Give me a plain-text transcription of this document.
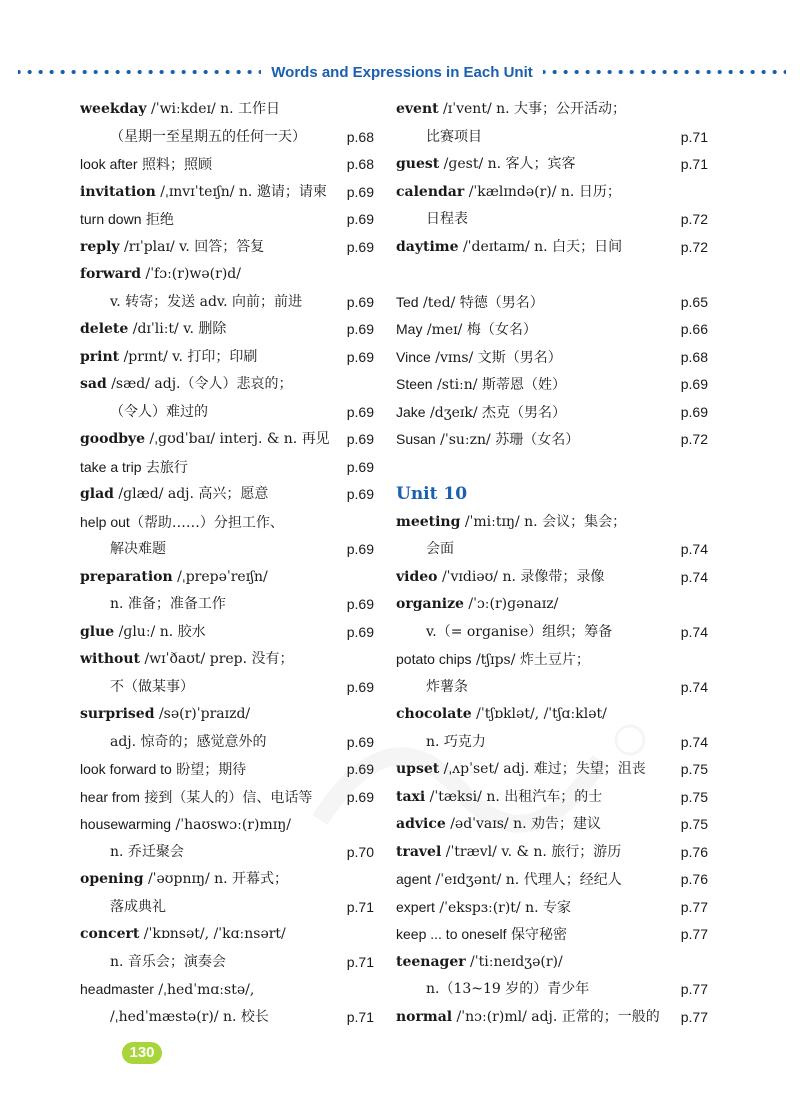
Words and Expressions in Each Unit
weekday /ˈwiːkdeɪ/ n. 工作日
（星期一至星期五的任何一天）	p.68
look after 照料；照顾	p.68
invitation /ˌɪnvɪˈteɪʃn/ n. 邀请；请柬	p.69
turn down 拒绝	p.69
reply /rɪˈplaɪ/ v. 回答；答复	p.69
forward /ˈfɔː(r)wə(r)d/
v. 转寄；发送 adv. 向前；前进	p.69
delete /dɪˈliːt/ v. 删除	p.69
print /prɪnt/ v. 打印；印刷	p.69
sad /sæd/ adj.（令人）悲哀的；
（令人）难过的	p.69
goodbye /ˌɡʊdˈbaɪ/ interj. & n. 再见	p.69
take a trip 去旅行	p.69
glad /ɡlæd/ adj. 高兴；愿意	p.69
help out（帮助……）分担工作、
解决难题	p.69
preparation /ˌprepəˈreɪʃn/
n. 准备；准备工作	p.69
glue /ɡluː/ n. 胶水	p.69
without /wɪˈðaʊt/ prep. 没有；
不（做某事）	p.69
surprised /sə(r)ˈpraɪzd/
adj. 惊奇的；感觉意外的	p.69
look forward to 盼望；期待	p.69
hear from 接到（某人的）信、电话等	p.69
housewarming /ˈhaʊswɔː(r)mɪŋ/
n. 乔迁聚会	p.70
opening /ˈəʊpnɪŋ/ n. 开幕式；
落成典礼	p.71
concert /ˈkɒnsət/, /ˈkɑːnsərt/
n. 音乐会；演奏会	p.71
headmaster /ˌhedˈmɑːstə/,
/ˌhedˈmæstə(r)/ n. 校长	p.71
event /ɪˈvent/ n. 大事；公开活动；
比赛项目	p.71
guest /ɡest/ n. 客人；宾客	p.71
calendar /ˈkælɪndə(r)/ n. 日历；
日程表	p.72
daytime /ˈdeɪtaɪm/ n. 白天；日间	p.72
Ted /ted/ 特德（男名）	p.65
May /meɪ/ 梅（女名）	p.66
Vince /vɪns/ 文斯（男名）	p.68
Steen /stiːn/ 斯蒂恩（姓）	p.69
Jake /dʒeɪk/ 杰克（男名）	p.69
Susan /ˈsuːzn/ 苏珊（女名）	p.72
Unit 10
meeting /ˈmiːtɪŋ/ n. 会议；集会；
会面	p.74
video /ˈvɪdiəʊ/ n. 录像带；录像	p.74
organize /ˈɔː(r)ɡənaɪz/
v.（= organise）组织；筹备	p.74
potato chips /tʃɪps/ 炸土豆片；
炸薯条	p.74
chocolate /ˈtʃɒklət/, /ˈtʃɑːklət/
n. 巧克力	p.74
upset /ˌʌpˈset/ adj. 难过；失望；沮丧	p.75
taxi /ˈtæksi/ n. 出租汽车；的士	p.75
advice /ədˈvaɪs/ n. 劝告；建议	p.75
travel /ˈtrævl/ v. & n. 旅行；游历	p.76
agent /ˈeɪdʒənt/ n. 代理人；经纪人	p.76
expert /ˈekspɜː(r)t/ n. 专家	p.77
keep ... to oneself 保守秘密	p.77
teenager /ˈtiːneɪdʒə(r)/
n.（13~19 岁的）青少年	p.77
normal /ˈnɔː(r)ml/ adj. 正常的；一般的	p.77
130
